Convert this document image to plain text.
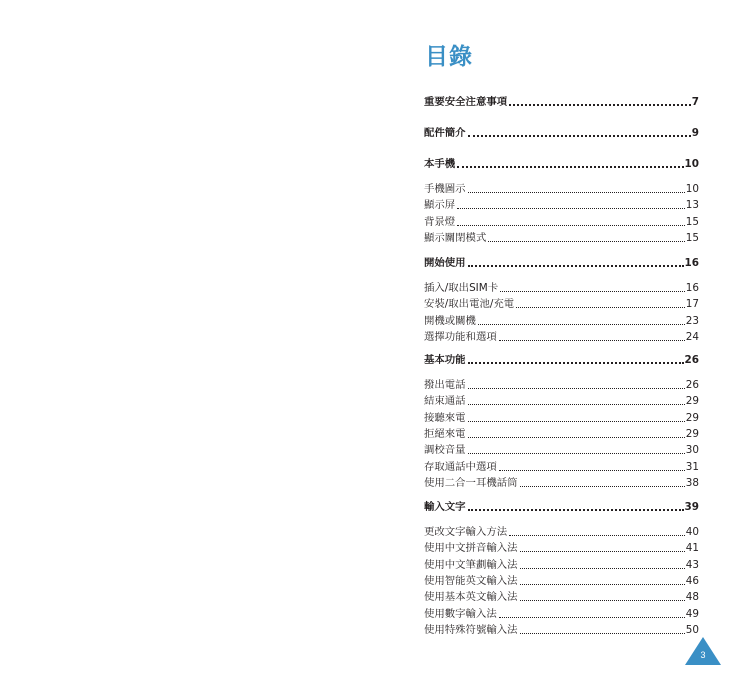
目錄
重要安全注意事項	7
配件簡介	9
本手機	10
手機圖示	10
顯示屏	13
背景燈	15
顯示關閉模式	15
開始使用	16
插入/取出SIM卡	16
安裝/取出電池/充電	17
開機或關機	23
選擇功能和選項	24
基本功能	26
撥出電話	26
結束通話	29
接聽來電	29
拒絕來電	29
調校音量	30
存取通話中選項	31
使用二合一耳機話筒	38
輸入文字	39
更改文字輸入方法	40
使用中文拼音輸入法	41
使用中文筆劃輸入法	43
使用智能英文輸入法	46
使用基本英文輸入法	48
使用數字輸入法	49
使用特殊符號輸入法	50
3
